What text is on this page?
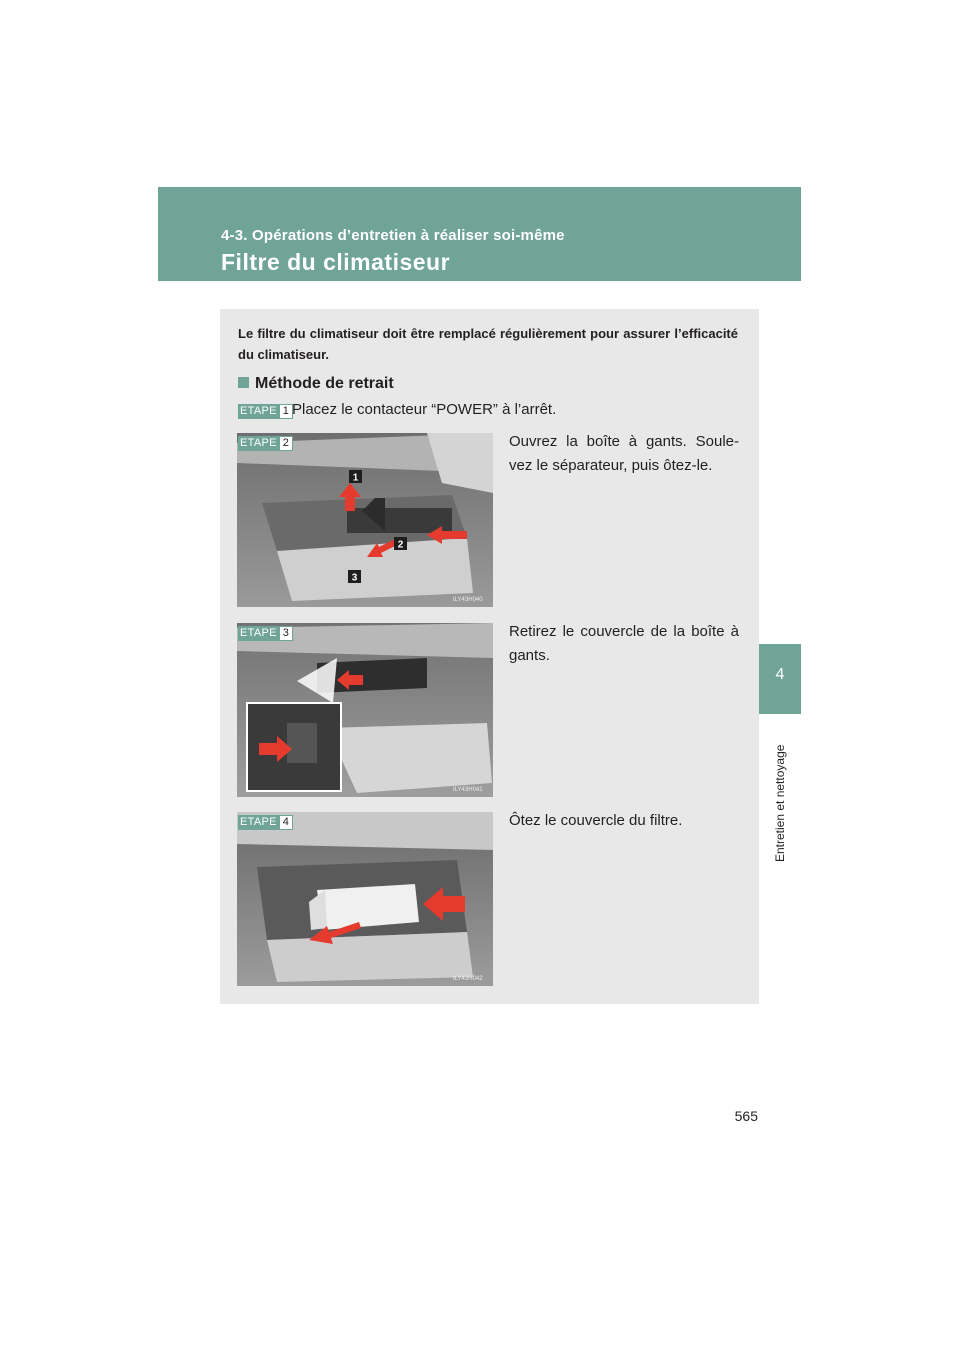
4-3. Opérations d’entretien à réaliser soi-même
Filtre du climatiseur
4
Entretien et nettoyage
Le filtre du climatiseur doit être remplacé régulièrement pour assurer l’efficacité du climatiseur.
Méthode de retrait
ETAPE 1 Placez le contacteur “POWER” à l’arrêt.
1
2
3
ILY43H040
ETAPE 2	Ouvrez la boîte à gants. Soule-vez le séparateur, puis ôtez-le.
ILY43H041
ETAPE 3	Retirez le couvercle de la boîte à gants.
ILY43H042
ETAPE 4	Ôtez le couvercle du filtre.
565
